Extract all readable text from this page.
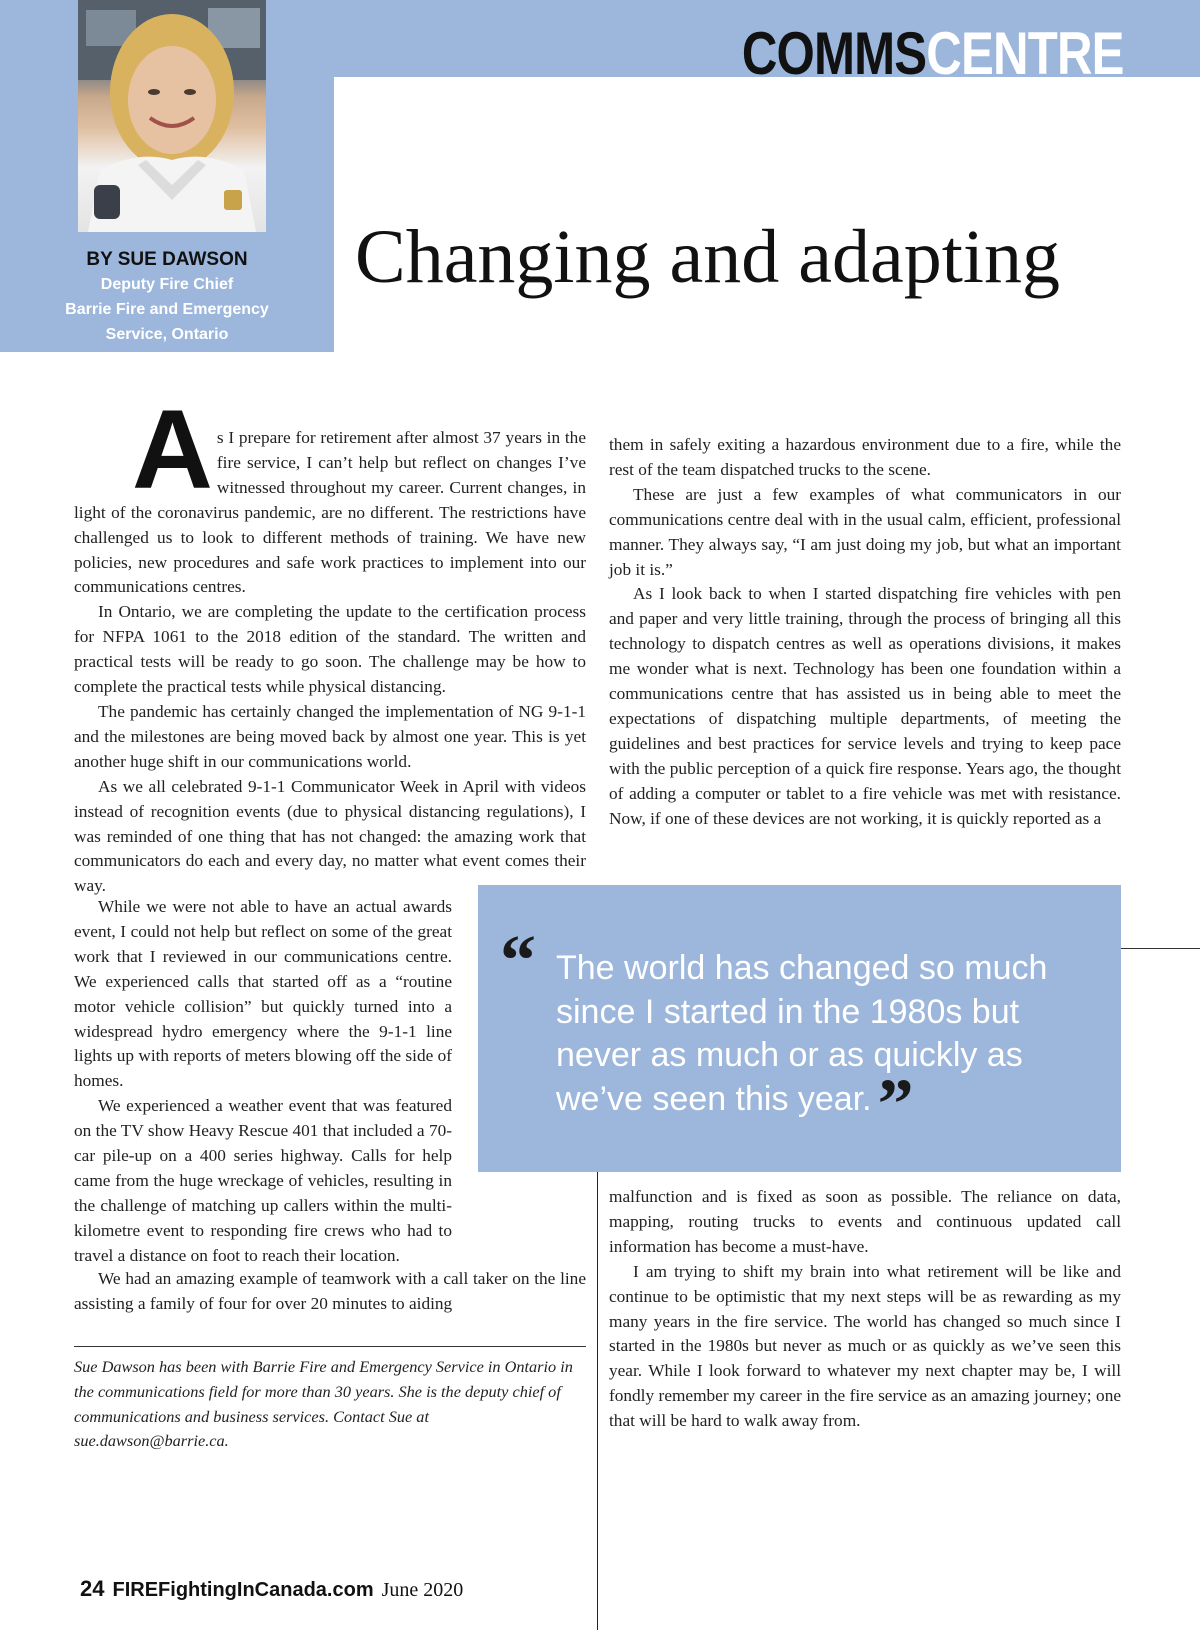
COMMSCENTRE
BY SUE DAWSON
Deputy Fire Chief
Barrie Fire and Emergency
Service, Ontario
Changing and adapting

As I prepare for retirement after almost 37 years in the fire service, I can’t help but reflect on changes I’ve witnessed throughout my career. Current changes, in light of the coronavirus pandemic, are no different. The restrictions have challenged us to look to different methods of training. We have new policies, new procedures and safe work practices to implement into our communications centres.

In Ontario, we are completing the update to the certification process for NFPA 1061 to the 2018 edition of the standard. The written and practical tests will be ready to go soon. The challenge may be how to complete the practical tests while physical distancing.

The pandemic has certainly changed the implementation of NG 9-1-1 and the milestones are being moved back by almost one year. This is yet another huge shift in our communications world.

As we all celebrated 9-1-1 Communicator Week in April with videos instead of recognition events (due to physical distancing regulations), I was reminded of one thing that has not changed: the amazing work that communicators do each and every day, no matter what event comes their way.

While we were not able to have an actual awards event, I could not help but reflect on some of the great work that I reviewed in our communications centre. We experienced calls that started off as a “routine motor vehicle collision” but quickly turned into a widespread hydro emergency where the 9-1-1 line lights up with reports of meters blowing off the side of homes.

We experienced a weather event that was featured on the TV show Heavy Rescue 401 that included a 70-car pile-up on a 400 series highway. Calls for help came from the huge wreckage of vehicles, resulting in the challenge of matching up callers within the multi-kilometre event to responding fire crews who had to travel a distance on foot to reach their location.

We had an amazing example of teamwork with a call taker on the line assisting a family of four for over 20 minutes to aiding

them in safely exiting a hazardous environment due to a fire, while the rest of the team dispatched trucks to the scene.

These are just a few examples of what communicators in our communications centre deal with in the usual calm, efficient, professional manner. They always say, “I am just doing my job, but what an important job it is.”

As I look back to when I started dispatching fire vehicles with pen and paper and very little training, through the process of bringing all this technology to dispatch centres as well as operations divisions, it makes me wonder what is next. Technology has been one foundation within a communications centre that has assisted us in being able to meet the expectations of dispatching multiple departments, of meeting the guidelines and best practices for service levels and trying to keep pace with the public perception of a quick fire response. Years ago, the thought of adding a computer or tablet to a fire vehicle was met with resistance. Now, if one of these devices are not working, it is quickly reported as a

malfunction and is fixed as soon as possible. The reliance on data, mapping, routing trucks to events and continuous updated call information has become a must-have.

I am trying to shift my brain into what retirement will be like and continue to be optimistic that my next steps will be as rewarding as my many years in the fire service. The world has changed so much since I started in the 1980s but never as much or as quickly as we’ve seen this year. While I look forward to whatever my next chapter may be, I will fondly remember my career in the fire service as an amazing journey; one that will be hard to walk away from.

The world has changed so much since I started in the 1980s but never as much or as quickly as we’ve seen this year.”
“
Sue Dawson has been with Barrie Fire and Emergency Service in Ontario in the communications field for more than 30 years. She is the deputy chief of communications and business services. Contact Sue at sue.dawson@barrie.ca.
24 FIREFightingInCanada.com June 2020
